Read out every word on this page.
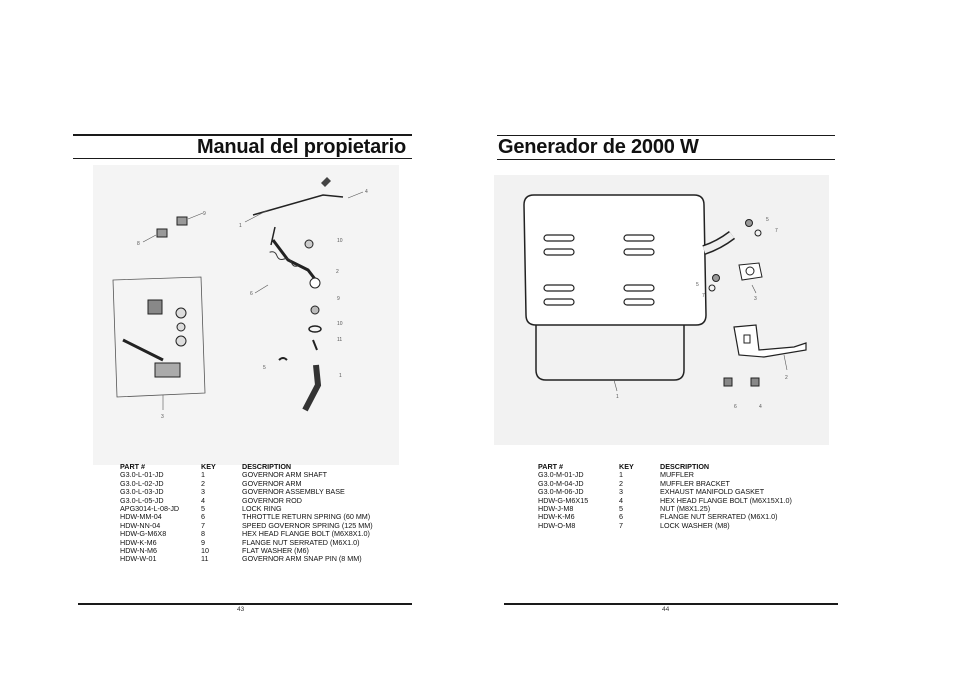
Manual del propietario
1
4
10
2
6
9
10
11
5
1
8
9
3
PART #	KEY	DESCRIPTION
G3.0-L-01-JD	1	GOVERNOR ARM SHAFT
G3.0-L-02-JD	2	GOVERNOR ARM
G3.0-L-03-JD	3	GOVERNOR ASSEMBLY BASE
G3.0-L-05-JD	4	GOVERNOR ROD
APG3014-L-08-JD	5	LOCK RING
HDW-MM-04	6	THROTTLE RETURN SPRING (60 MM)
HDW-NN-04	7	SPEED GOVERNOR SPRING (125 MM)
HDW-G-M6X8	8	HEX HEAD FLANGE BOLT (M6X8X1.0)
HDW-K-M6	9	FLANGE NUT SERRATED (M6X1.0)
HDW-N-M6	10	FLAT WASHER (M6)
HDW-W-01	11	GOVERNOR ARM SNAP PIN (8 MM)
43
Generador de 2000 W
1
2
3
4
5
5
6
7
7
PART #	KEY	DESCRIPTION
G3.0-M-01-JD	1	MUFFLER
G3.0-M-04-JD	2	MUFFLER BRACKET
G3.0-M-06-JD	3	EXHAUST MANIFOLD GASKET
HDW-G-M6X15	4	HEX HEAD FLANGE BOLT (M6X15X1.0)
HDW-J-M8	5	NUT (M8X1.25)
HDW-K-M6	6	FLANGE NUT SERRATED (M6X1.0)
HDW-O-M8	7	LOCK WASHER (M8)
44
